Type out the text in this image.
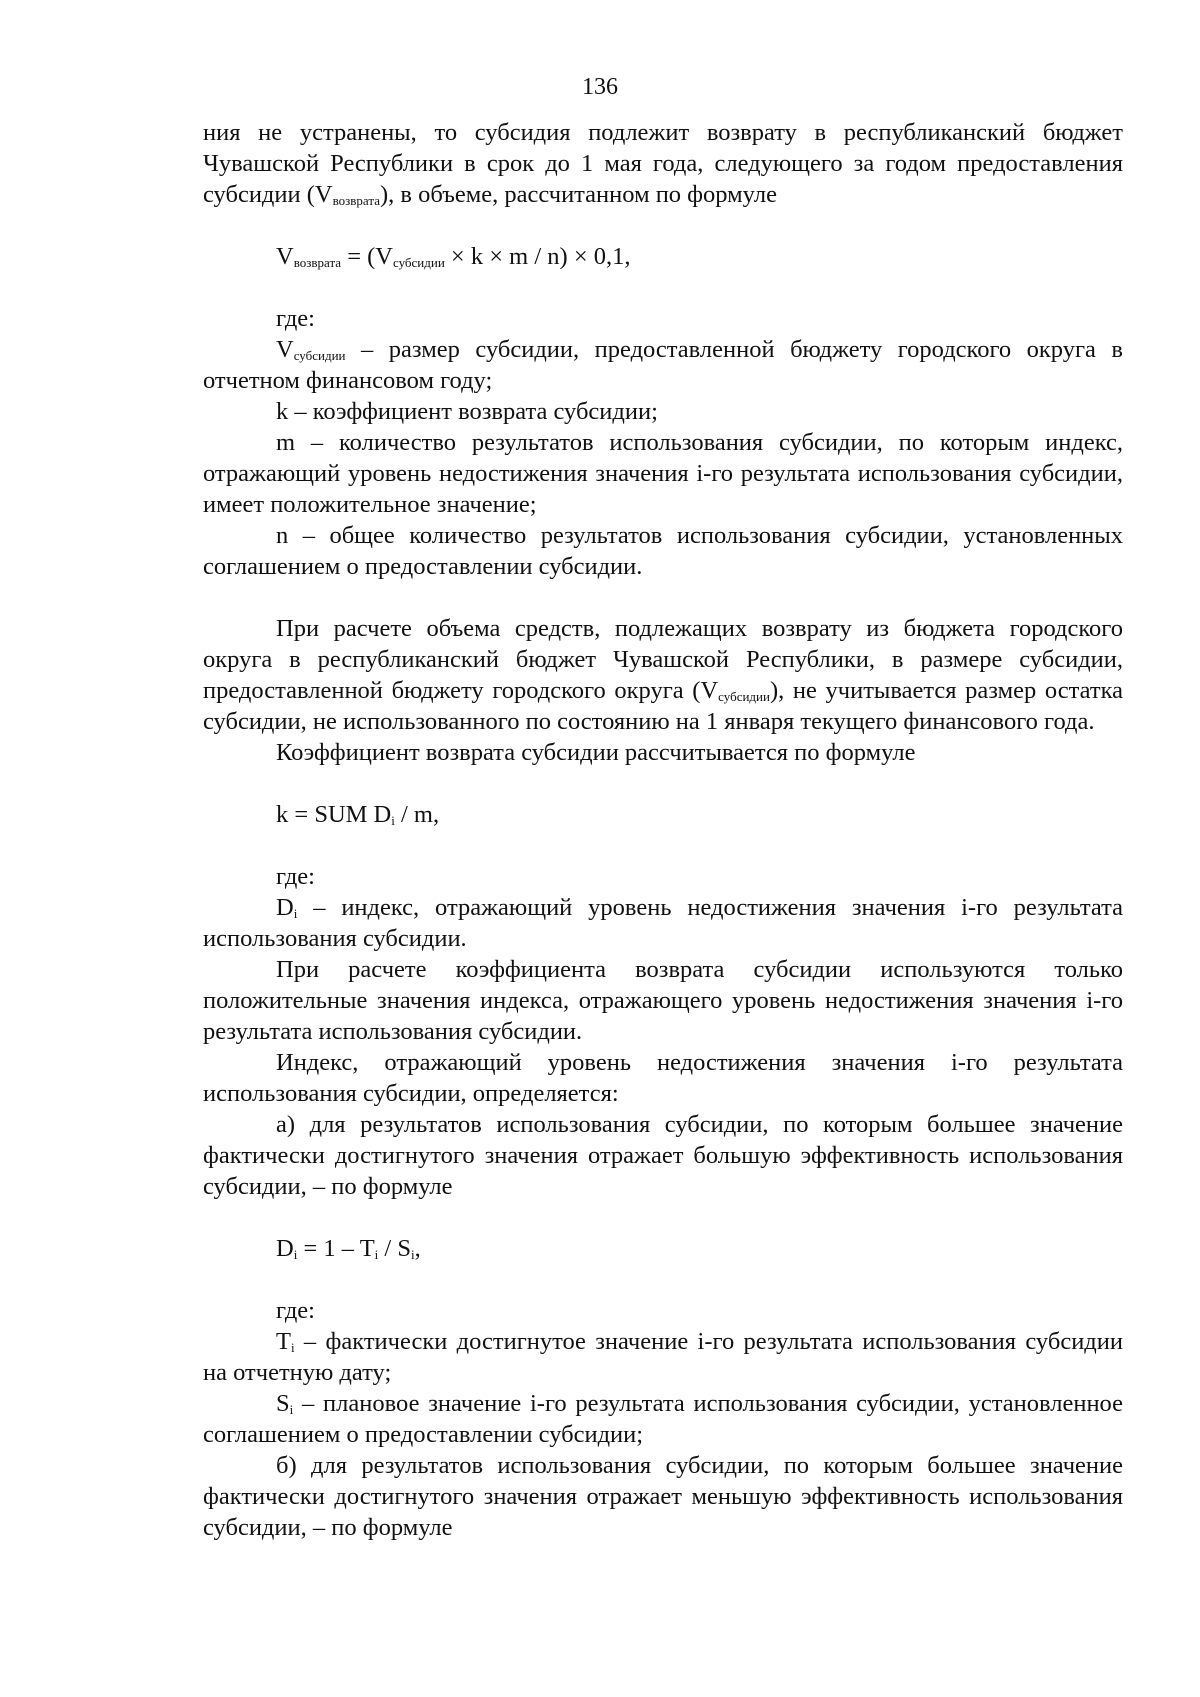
136

ния не устранены, то субсидия подлежит возврату в республиканский бюджет Чувашской Республики в срок до 1 мая года, следующего за годом предоставления субсидии $(V_{возврата})$, в объеме, рассчитанном по формуле

$V_{возврата} = (V_{субсидии} \times k \times m / n) \times 0,1$,

где:

$V_{субсидии}$ – размер субсидии, предоставленной бюджету городского округа в отчетном финансовом году;

k – коэффициент возврата субсидии;

m – количество результатов использования субсидии, по которым индекс, отражающий уровень недостижения значения i-го результата использования субсидии, имеет положительное значение;

n – общее количество результатов использования субсидии, установленных соглашением о предоставлении субсидии.

При расчете объема средств, подлежащих возврату из бюджета городского округа в республиканский бюджет Чувашской Республики, в размере субсидии, предоставленной бюджету городского округа $(V_{субсидии})$, не учитывается размер остатка субсидии, не использованного по состоянию на 1 января текущего финансового года.

Коэффициент возврата субсидии рассчитывается по формуле

k = SUM $D_i$ / m,

где:

$D_i$ – индекс, отражающий уровень недостижения значения i-го результата использования субсидии.

При расчете коэффициента возврата субсидии используются только положительные значения индекса, отражающего уровень недостижения значения i-го результата использования субсидии.

Индекс, отражающий уровень недостижения значения i-го результата использования субсидии, определяется:

а) для результатов использования субсидии, по которым большее значение фактически достигнутого значения отражает большую эффективность использования субсидии, – по формуле

$D_i = 1 - T_i / S_i$,

где:

$T_i$ – фактически достигнутое значение i-го результата использования субсидии на отчетную дату;

$S_i$ – плановое значение i-го результата использования субсидии, установленное соглашением о предоставлении субсидии;

б) для результатов использования субсидии, по которым большее значение фактически достигнутого значения отражает меньшую эффективность использования субсидии, – по формуле
